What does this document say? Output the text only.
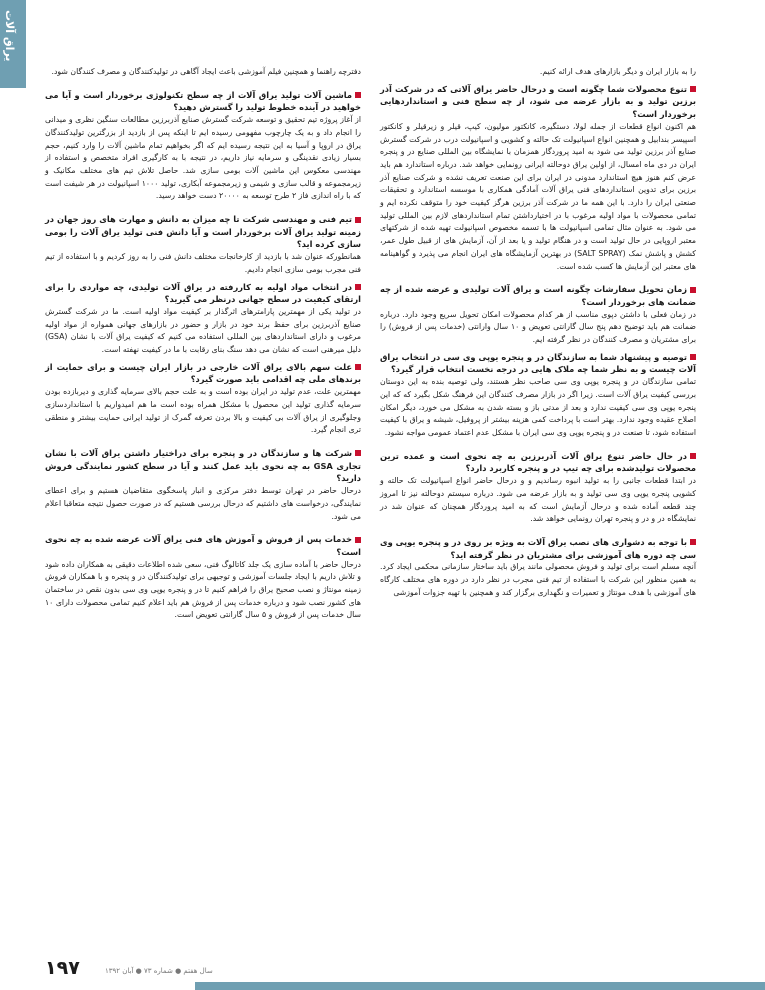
یراق آلات
را به بازار ایران و دیگر بازارهای هدف ارائه کنیم.
تنوع محصولات شما چگونه است و درحال حاضر یراق آلاتی که در شرکت آذر برزین تولید و به بازار عرضه می شود، از چه سطح فنی و استانداردهایی برخوردار است؟
هم اکنون انواع قطعات از جمله لولا، دستگیره، کانکتور مولیون، کیپ، قیلر و زیرقیلر و کانکتور اسپیسر بندابیل و همچنین انواع اسپانیولت تک حالته و کشویی و اسپانیولت درب در شرکت گسترش صنایع آذر برزین تولید می شود به امید پروردگار همزمان با نمایشگاه بین المللی صنایع در و پنجره ایران در دی ماه امسال، از اولین یراق دوحالته ایرانی رونمایی خواهد شد. درباره استاندارد هم باید عرض کنم هنوز هیچ استاندارد مدونی در ایران برای این صنعت تعریف نشده و شرکت صنایع آذر برزین برای تدوین استانداردهای فنی یراق آلات آمادگی همکاری با موسسه استاندارد و تحقیقات صنعتی ایران را دارد. با این همه ما در شرکت آذر برزین هرگز کیفیت خود را متوقف نکرده ایم و تمامی محصولات با مواد اولیه مرغوب با در اختیارداشتن تمام استانداردهای لازم بین المللی تولید می شود. به عنوان مثال تمامی اسپانیولت ها با تسمه مخصوص اسپانیولت تهیه شده از شرکتهای معتبر اروپایی در حال تولید است و در هنگام تولید و یا بعد از آن، آزمایش های از قبیل طول عمر، کشش و پاشش نمک (SALT SPRAY) در بهترین آزمایشگاه های ایران انجام می پذیرد و گواهینامه های معتبر این آزمایش ها کسب شده است.
زمان تحویل سفارشات چگونه است و یراق آلات تولیدی و عرضه شده از چه ضمانت های برخوردار است؟
در زمان فعلی با داشتن دپوی مناسب از هر کدام محصولات امکان تحویل سریع وجود دارد. درباره ضمانت هم باید توضیح دهم پنج سال گارانتی تعویض و ۱۰ سال وارانتی (خدمات پس از فروش) را برای مشتریان و مصرف کنندگان در نظر گرفته ایم.
توصیه و پیشنهاد شما به سازندگان در و پنجره یوپی وی سی در انتخاب یراق آلات چیست و به نظر شما چه ملاک هایی در درجه نخست انتخاب قرار گیرد؟
تمامی سازندگان در و پنجره یوپی وی سی صاحب نظر هستند، ولی توصیه بنده به این دوستان بررسی کیفیت یراق آلات است. زیرا اگر در بازار مصرف کنندگان این فرهنگ شکل بگیرد که که این پنجره یوپی وی سی کیفیت ندارد و بعد از مدتی باز و بسته شدن به مشکل می خورد، دیگر امکان اصلاح عقیده وجود ندارد. بهتر است با پرداخت کمی هزینه بیشتر از پروفیل، شیشه و یراق با کیفیت استفاده شود، تا صنعت در و پنجره یوپی وی سی ایران با مشکل عدم اعتماد عمومی مواجه نشود.
در حال حاضر تنوع یراق آلات آذربرزین به چه نحوی است و عمده ترین محصولات تولیدشده برای چه تیپ در و پنجره کاربرد دارد؟
در ابتدا قطعات جانبی را به تولید انبوه رساندیم و و درحال حاضر انواع اسپانیولت تک حالته و کشویی پنجره یوپی وی سی تولید و به بازار عرضه می شود. درباره سیستم دوحالته نیز تا امروز چند قطعه آماده شده و درحال آزمایش است که به امید پروردگار همچنان که عنوان شد در نمایشگاه در و در و پنجره تهران رونمایی خواهد شد.
با توجه به دشواری های نصب یراق آلات به ویژه بر روی در و پنجره یوپی وی سی چه دوره های آموزشی برای مشتریان در نظر گرفته اید؟
آنچه مسلم است برای تولید و فروش محصولی مانند یراق باید ساختار سازمانی محکمی ایجاد کرد. به همین منظور این شرکت با استفاده از تیم فنی مجرب در نظر دارد در دوره های مختلف کارگاه های آموزشی با هدف مونتاژ و تعمیرات و نگهداری برگزار کند و همچنین با تهیه جزوات آموزشی
دفترچه راهنما و همچنین فیلم آموزشی باعث ایجاد آگاهی در تولیدکنندگان و مصرف کنندگان شود.
ماشین آلات تولید یراق آلات از چه سطح تکنولوژی برخوردار است و آیا می خواهید در آینده خطوط تولید را گسترش دهید؟
از آغاز پروژه تیم تحقیق و توسعه شرکت گسترش صنایع آذربرزین مطالعات سنگین نظری و میدانی را انجام داد و به یک چارچوب مفهومی رسیده ایم تا اینکه پس از بازدید از بزرگترین تولیدکنندگان یراق در اروپا و آسیا به این نتیجه رسیده ایم که اگر بخواهیم تمام ماشین آلات را وارد کنیم، حجم بسیار زیادی نقدینگی و سرمایه نیاز داریم، در نتیجه با به کارگیری افراد متخصص و استفاده از مهندسی معکوس این ماشین آلات بومی سازی شد. حاصل تلاش تیم های مختلف مکانیک و زیرمجموعه و قالب سازی و شیمی و زیرمجموعه آبکاری، تولید ۱۰۰۰ اسپانیولت در هر شیفت است که با راه اندازی فاز ۲ طرح توسعه به ۲۰۰۰۰ دست خواهد رسید.
تیم فنی و مهندسی شرکت تا چه میزان به دانش و مهارت های روز جهان در زمینه تولید یراق آلات برخوردار است و آیا دانش فنی تولید یراق آلات را بومی سازی کرده اید؟
همانطورکه عنوان شد با بازدید از کارخانجات مختلف دانش فنی را به روز کردیم و با استفاده از تیم فنی مجرب بومی سازی انجام دادیم.
در انتخاب مواد اولیه به کاررفته در یراق آلات تولیدی، چه مواردی را برای ارتقای کیفیت در سطح جهانی درنظر می گیرید؟
در تولید یکی از مهمترین پارامترهای اثرگذار بر کیفیت مواد اولیه است. ما در شرکت گسترش صنایع آذربرزین برای حفظ برند خود در بازار و حضور در بازارهای جهانی همواره از مواد اولیه مرغوب و دارای استانداردهای بین المللی استفاده می کنیم که کیفیت یراق آلات با نشان (GSA) دلیل میرهنی است که نشان می دهد سنگ بنای رقابت با ما در کیفیت نهفته است.
علت سهم بالای یراق آلات خارجی در بازار ایران چیست و برای حمایت از برندهای ملی چه اقدامی باید صورت گیرد؟
مهمترین علت، عدم تولید در ایران بوده است و به علت حجم بالای سرمایه گذاری و دیربازده بودن سرمایه گذاری تولید این محصول با مشکل همراه بوده است ما هم امیدواریم با استانداردسازی وجلوگیری از یراق آلات بی کیفیت و بالا بردن تعرفه گمرک از تولید ایرانی حمایت بیشتر و منطقی تری انجام گیرد.
شرکت ها و سازندگان در و پنجره برای دراختیار داشتن یراق آلات با نشان تجاری GSA به چه نحوی باید عمل کنند و آیا در سطح کشور نمایندگی فروش دارید؟
درحال حاضر در تهران توسط دفتر مرکزی و انبار پاسخگوی متقاضیان هستیم و برای اعطای نمایندگی، درخواست های داشتیم که درحال بررسی هستیم که در صورت حصول نتیجه متعاقبا اعلام می شود.
خدمات پس از فروش و آموزش های فنی یراق آلات عرضه شده به چه نحوی است؟
درحال حاضر با آماده سازی یک جلد کاتالوگ فنی، سعی شده اطلاعات دقیقی به همکاران داده شود و تلاش داریم با ایجاد جلسات آموزشی و توجیهی برای تولیدکنندگان در و پنجره و با همکاران فروش زمینه مونتاژ و نصب صحیح یراق را فراهم کنیم تا در و پنجره یوپی وی سی بدون نقص در ساختمان های کشور نصب شود و درباره خدمات پس از فروش هم باید اعلام کنیم تمامی محصولات دارای ۱۰ سال خدمات پس از فروش و ۵ سال گارانتی تعویض است.
۱۹۷	سال هفتم ● شماره ۷۳ ● آبان ۱۳۹۲
